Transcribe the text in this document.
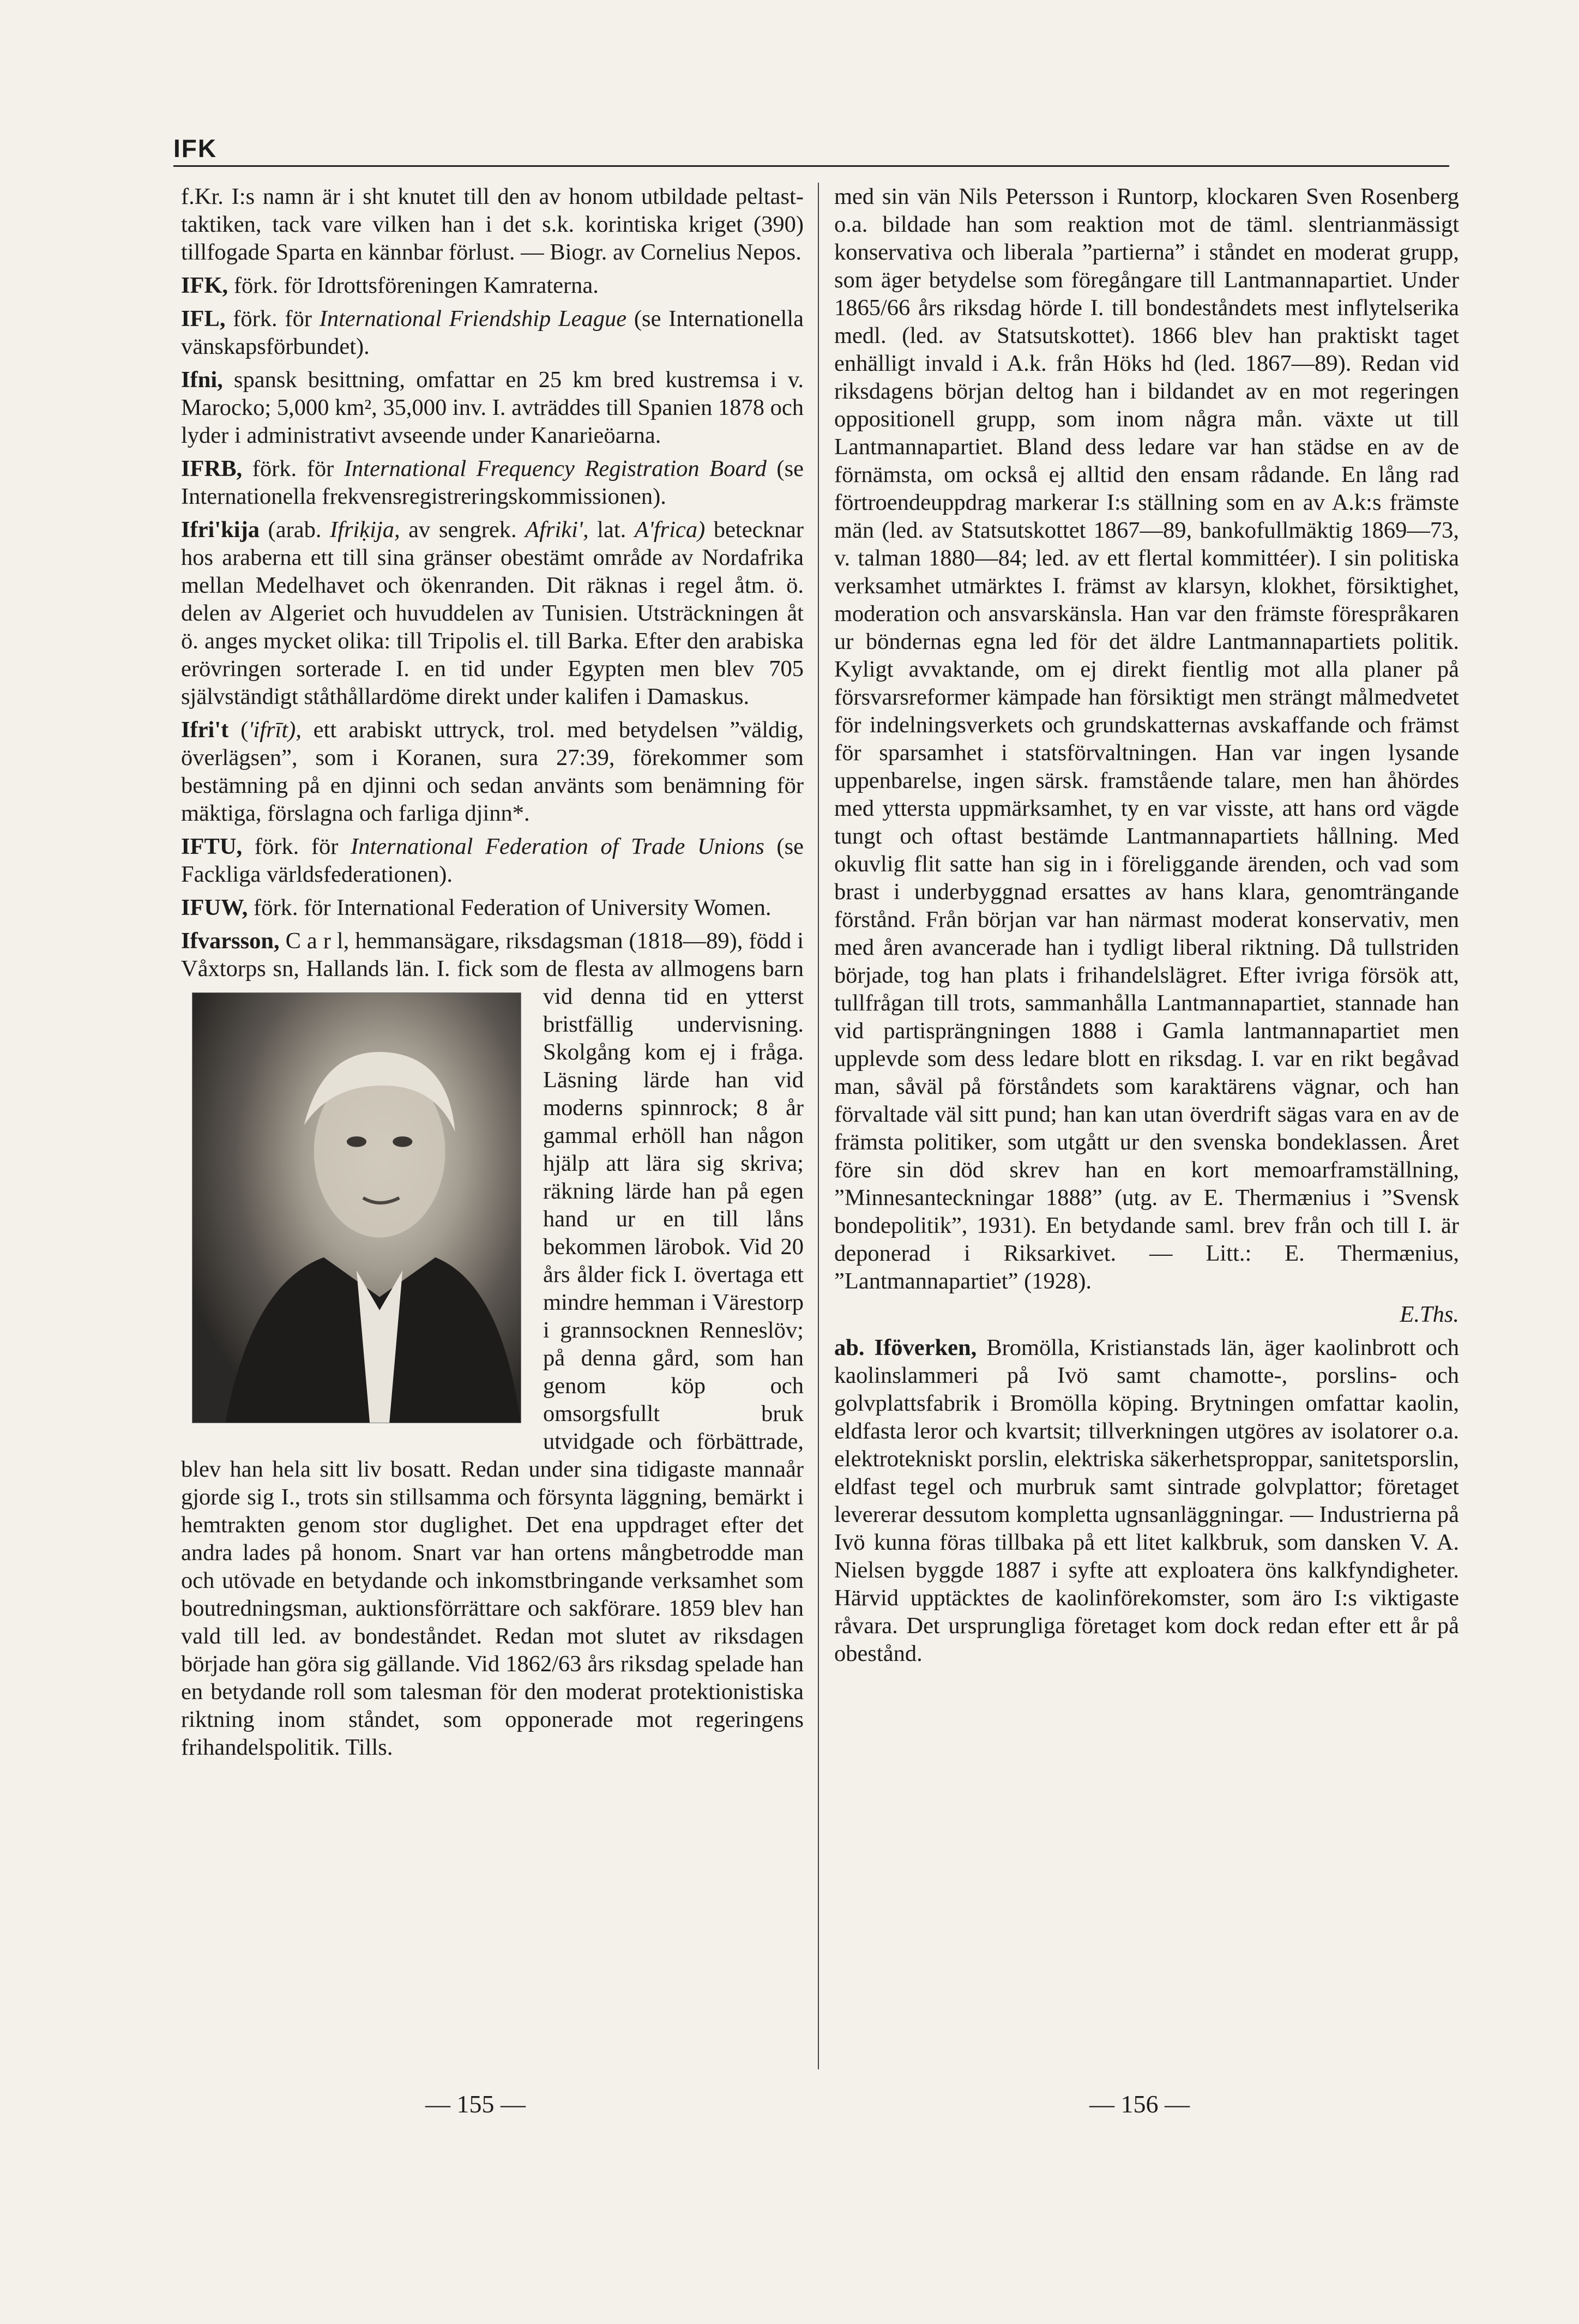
IFK

f.Kr. I:s namn är i sht knutet till den av honom utbildade peltast-taktiken, tack vare vilken han i det s.k. korintiska kriget (390) tillfogade Sparta en kännbar förlust. — Biogr. av Cornelius Nepos.

IFK, förk. för Idrottsföreningen Kamraterna.

IFL, förk. för International Friendship League (se Internationella vänskapsförbundet).

Ifni, spansk besittning, omfattar en 25 km bred kustremsa i v. Marocko; 5,000 km², 35,000 inv. I. avträddes till Spanien 1878 och lyder i administrativt avseende under Kanarieöarna.

IFRB, förk. för International Frequency Registration Board (se Internationella frekvensregistreringskommissionen).

Ifri'kija (arab. Ifriḳija, av sengrek. Afriki', lat. A'frica) betecknar hos araberna ett till sina gränser obestämt område av Nordafrika mellan Medelhavet och ökenranden. Dit räknas i regel åtm. ö. delen av Algeriet och huvuddelen av Tunisien. Utsträckningen åt ö. anges mycket olika: till Tripolis el. till Barka. Efter den arabiska erövringen sorterade I. en tid under Egypten men blev 705 självständigt ståthållardöme direkt under kalifen i Damaskus.

Ifri't ('ifrīt), ett arabiskt uttryck, trol. med betydelsen ”väldig, överlägsen”, som i Koranen, sura 27:39, förekommer som bestämning på en djinni och sedan använts som benämning för mäktiga, förslagna och farliga djinn*.

IFTU, förk. för International Federation of Trade Unions (se Fackliga världsfederationen).

IFUW, förk. för International Federation of University Women.

Ifvarsson, C a r l, hemmansägare, riksdagsman (1818—89), född i Våxtorps sn, Hallands län. I. fick som de flesta av allmogens barn vid denna tid en ytterst bristfällig undervisning. Skolgång kom ej i fråga. Läsning lärde han vid moderns spinnrock; 8 år gammal erhöll han någon hjälp att lära sig skriva; räkning lärde han på egen hand ur en till låns bekommen lärobok. Vid 20 års ålder fick I. övertaga ett mindre hemman i Värestorp i grannsocknen Renneslöv; på denna gård, som han genom köp och omsorgsfullt bruk utvidgade och förbättrade, blev han hela sitt liv bosatt. Redan under sina tidigaste mannaår gjorde sig I., trots sin stillsamma och försynta läggning, bemärkt i hemtrakten genom stor duglighet. Det ena uppdraget efter det andra lades på honom. Snart var han ortens mångbetrodde man och utövade en betydande och inkomstbringande verksamhet som boutredningsman, auktionsförrättare och sakförare. 1859 blev han vald till led. av bondeståndet. Redan mot slutet av riksdagen började han göra sig gällande. Vid 1862/63 års riksdag spelade han en betydande roll som talesman för den moderat protektionistiska riktning inom ståndet, som opponerade mot regeringens frihandelspolitik. Tills.

med sin vän Nils Petersson i Runtorp, klockaren Sven Rosenberg o.a. bildade han som reaktion mot de täml. slentrianmässigt konservativa och liberala ”partierna” i ståndet en moderat grupp, som äger betydelse som föregångare till Lantmannapartiet. Under 1865/66 års riksdag hörde I. till bondeståndets mest inflytelserika medl. (led. av Statsutskottet). 1866 blev han praktiskt taget enhälligt invald i A.k. från Höks hd (led. 1867—89). Redan vid riksdagens början deltog han i bildandet av en mot regeringen oppositionell grupp, som inom några mån. växte ut till Lantmannapartiet. Bland dess ledare var han städse en av de förnämsta, om också ej alltid den ensam rådande. En lång rad förtroendeuppdrag markerar I:s ställning som en av A.k:s främste män (led. av Statsutskottet 1867—89, bankofullmäktig 1869—73, v. talman 1880—84; led. av ett flertal kommittéer). I sin politiska verksamhet utmärktes I. främst av klarsyn, klokhet, försiktighet, moderation och ansvarskänsla. Han var den främste förespråkaren ur böndernas egna led för det äldre Lantmannapartiets politik. Kyligt avvaktande, om ej direkt fientlig mot alla planer på försvarsreformer kämpade han försiktigt men strängt målmedvetet för indelningsverkets och grundskatternas avskaffande och främst för sparsamhet i statsförvaltningen. Han var ingen lysande uppenbarelse, ingen särsk. framstående talare, men han åhördes med yttersta uppmärksamhet, ty en var visste, att hans ord vägde tungt och oftast bestämde Lantmannapartiets hållning. Med okuvlig flit satte han sig in i föreliggande ärenden, och vad som brast i underbyggnad ersattes av hans klara, genomträngande förstånd. Från början var han närmast moderat konservativ, men med åren avancerade han i tydligt liberal riktning. Då tullstriden började, tog han plats i frihandelslägret. Efter ivriga försök att, tullfrågan till trots, sammanhålla Lantmannapartiet, stannade han vid partisprängningen 1888 i Gamla lantmannapartiet men upplevde som dess ledare blott en riksdag. I. var en rikt begåvad man, såväl på förståndets som karaktärens vägnar, och han förvaltade väl sitt pund; han kan utan överdrift sägas vara en av de främsta politiker, som utgått ur den svenska bondeklassen. Året före sin död skrev han en kort memoarframställning, ”Minnesanteckningar 1888” (utg. av E. Thermænius i ”Svensk bondepolitik”, 1931). En betydande saml. brev från och till I. är deponerad i Riksarkivet. — Litt.: E. Thermænius, ”Lantmannapartiet” (1928).

E.Ths.

ab. Iföverken, Bromölla, Kristianstads län, äger kaolinbrott och kaolinslammeri på Ivö samt chamotte-, porslins- och golvplattsfabrik i Bromölla köping. Brytningen omfattar kaolin, eldfasta leror och kvartsit; tillverkningen utgöres av isolatorer o.a. elektrotekniskt porslin, elektriska säkerhetsproppar, sanitetsporslin, eldfast tegel och murbruk samt sintrade golvplattor; företaget levererar dessutom kompletta ugnsanläggningar. — Industrierna på Ivö kunna föras tillbaka på ett litet kalkbruk, som dansken V. A. Nielsen byggde 1887 i syfte att exploatera öns kalkfyndigheter. Härvid upptäcktes de kaolinförekomster, som äro I:s viktigaste råvara. Det ursprungliga företaget kom dock redan efter ett år på obestånd.

— 155 —	— 156 —
